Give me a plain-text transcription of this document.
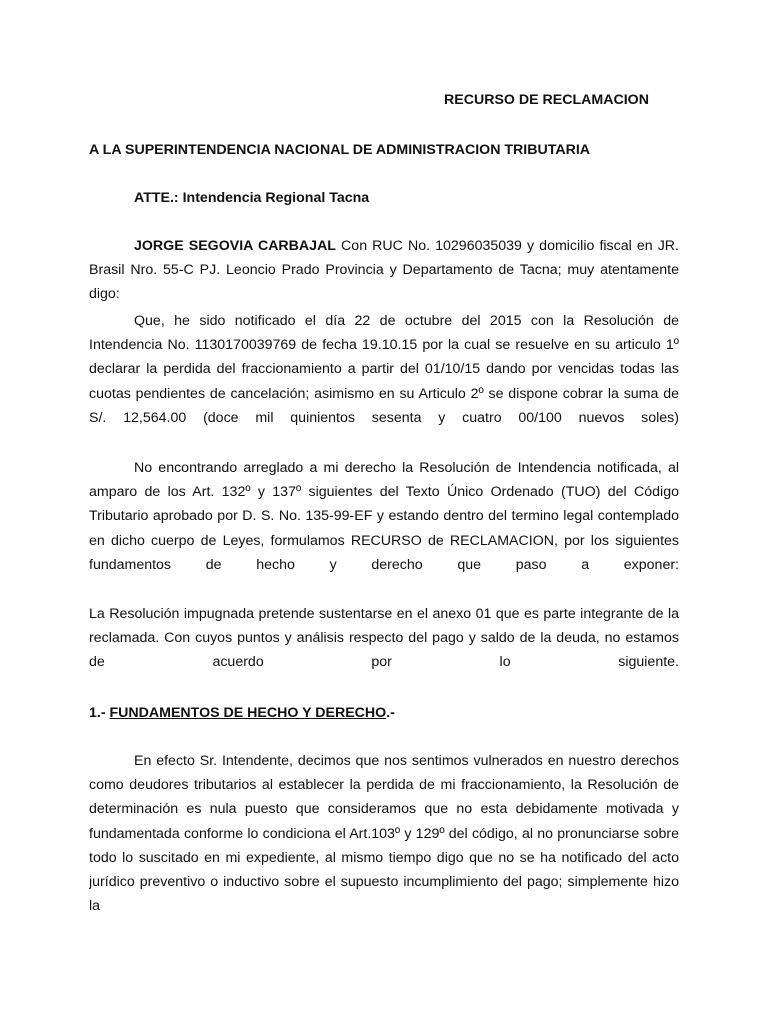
RECURSO DE RECLAMACION
A LA SUPERINTENDENCIA NACIONAL DE ADMINISTRACION TRIBUTARIA
ATTE.: Intendencia Regional Tacna
JORGE SEGOVIA CARBAJAL Con RUC No. 10296035039 y domicilio fiscal en JR. Brasil Nro. 55-C PJ. Leoncio Prado Provincia y Departamento de Tacna; muy atentamente digo:
Que, he sido notificado el día 22 de octubre del 2015 con la Resolución de Intendencia No. 1130170039769 de fecha 19.10.15 por la cual se resuelve en su articulo 1º declarar la perdida del fraccionamiento a partir del 01/10/15 dando por vencidas todas las cuotas pendientes de cancelación; asimismo en su Articulo 2º se dispone cobrar la suma de S/. 12,564.00 (doce mil quinientos sesenta y cuatro 00/100 nuevos soles)
No encontrando arreglado a mi derecho la Resolución de Intendencia notificada, al amparo de los Art. 132º y 137º siguientes del Texto Único Ordenado (TUO) del Código Tributario aprobado por D. S. No. 135-99-EF y estando dentro del termino legal contemplado en dicho cuerpo de Leyes, formulamos RECURSO de RECLAMACION, por los siguientes fundamentos de hecho y derecho que paso a exponer:
La Resolución impugnada pretende sustentarse en el anexo 01 que es parte integrante de la reclamada. Con cuyos puntos y análisis respecto del pago y saldo de la deuda, no estamos de acuerdo por lo siguiente.
1.- FUNDAMENTOS DE HECHO Y DERECHO.-
En efecto Sr. Intendente, decimos que nos sentimos vulnerados en nuestro derechos como deudores tributarios al establecer la perdida de mi fraccionamiento, la Resolución de determinación es nula puesto que consideramos que no esta debidamente motivada y fundamentada conforme lo condiciona el Art.103º y 129º del código, al no pronunciarse sobre todo lo suscitado en mi expediente, al mismo tiempo digo que no se ha notificado del acto jurídico preventivo o inductivo sobre el supuesto incumplimiento del pago; simplemente hizo la
